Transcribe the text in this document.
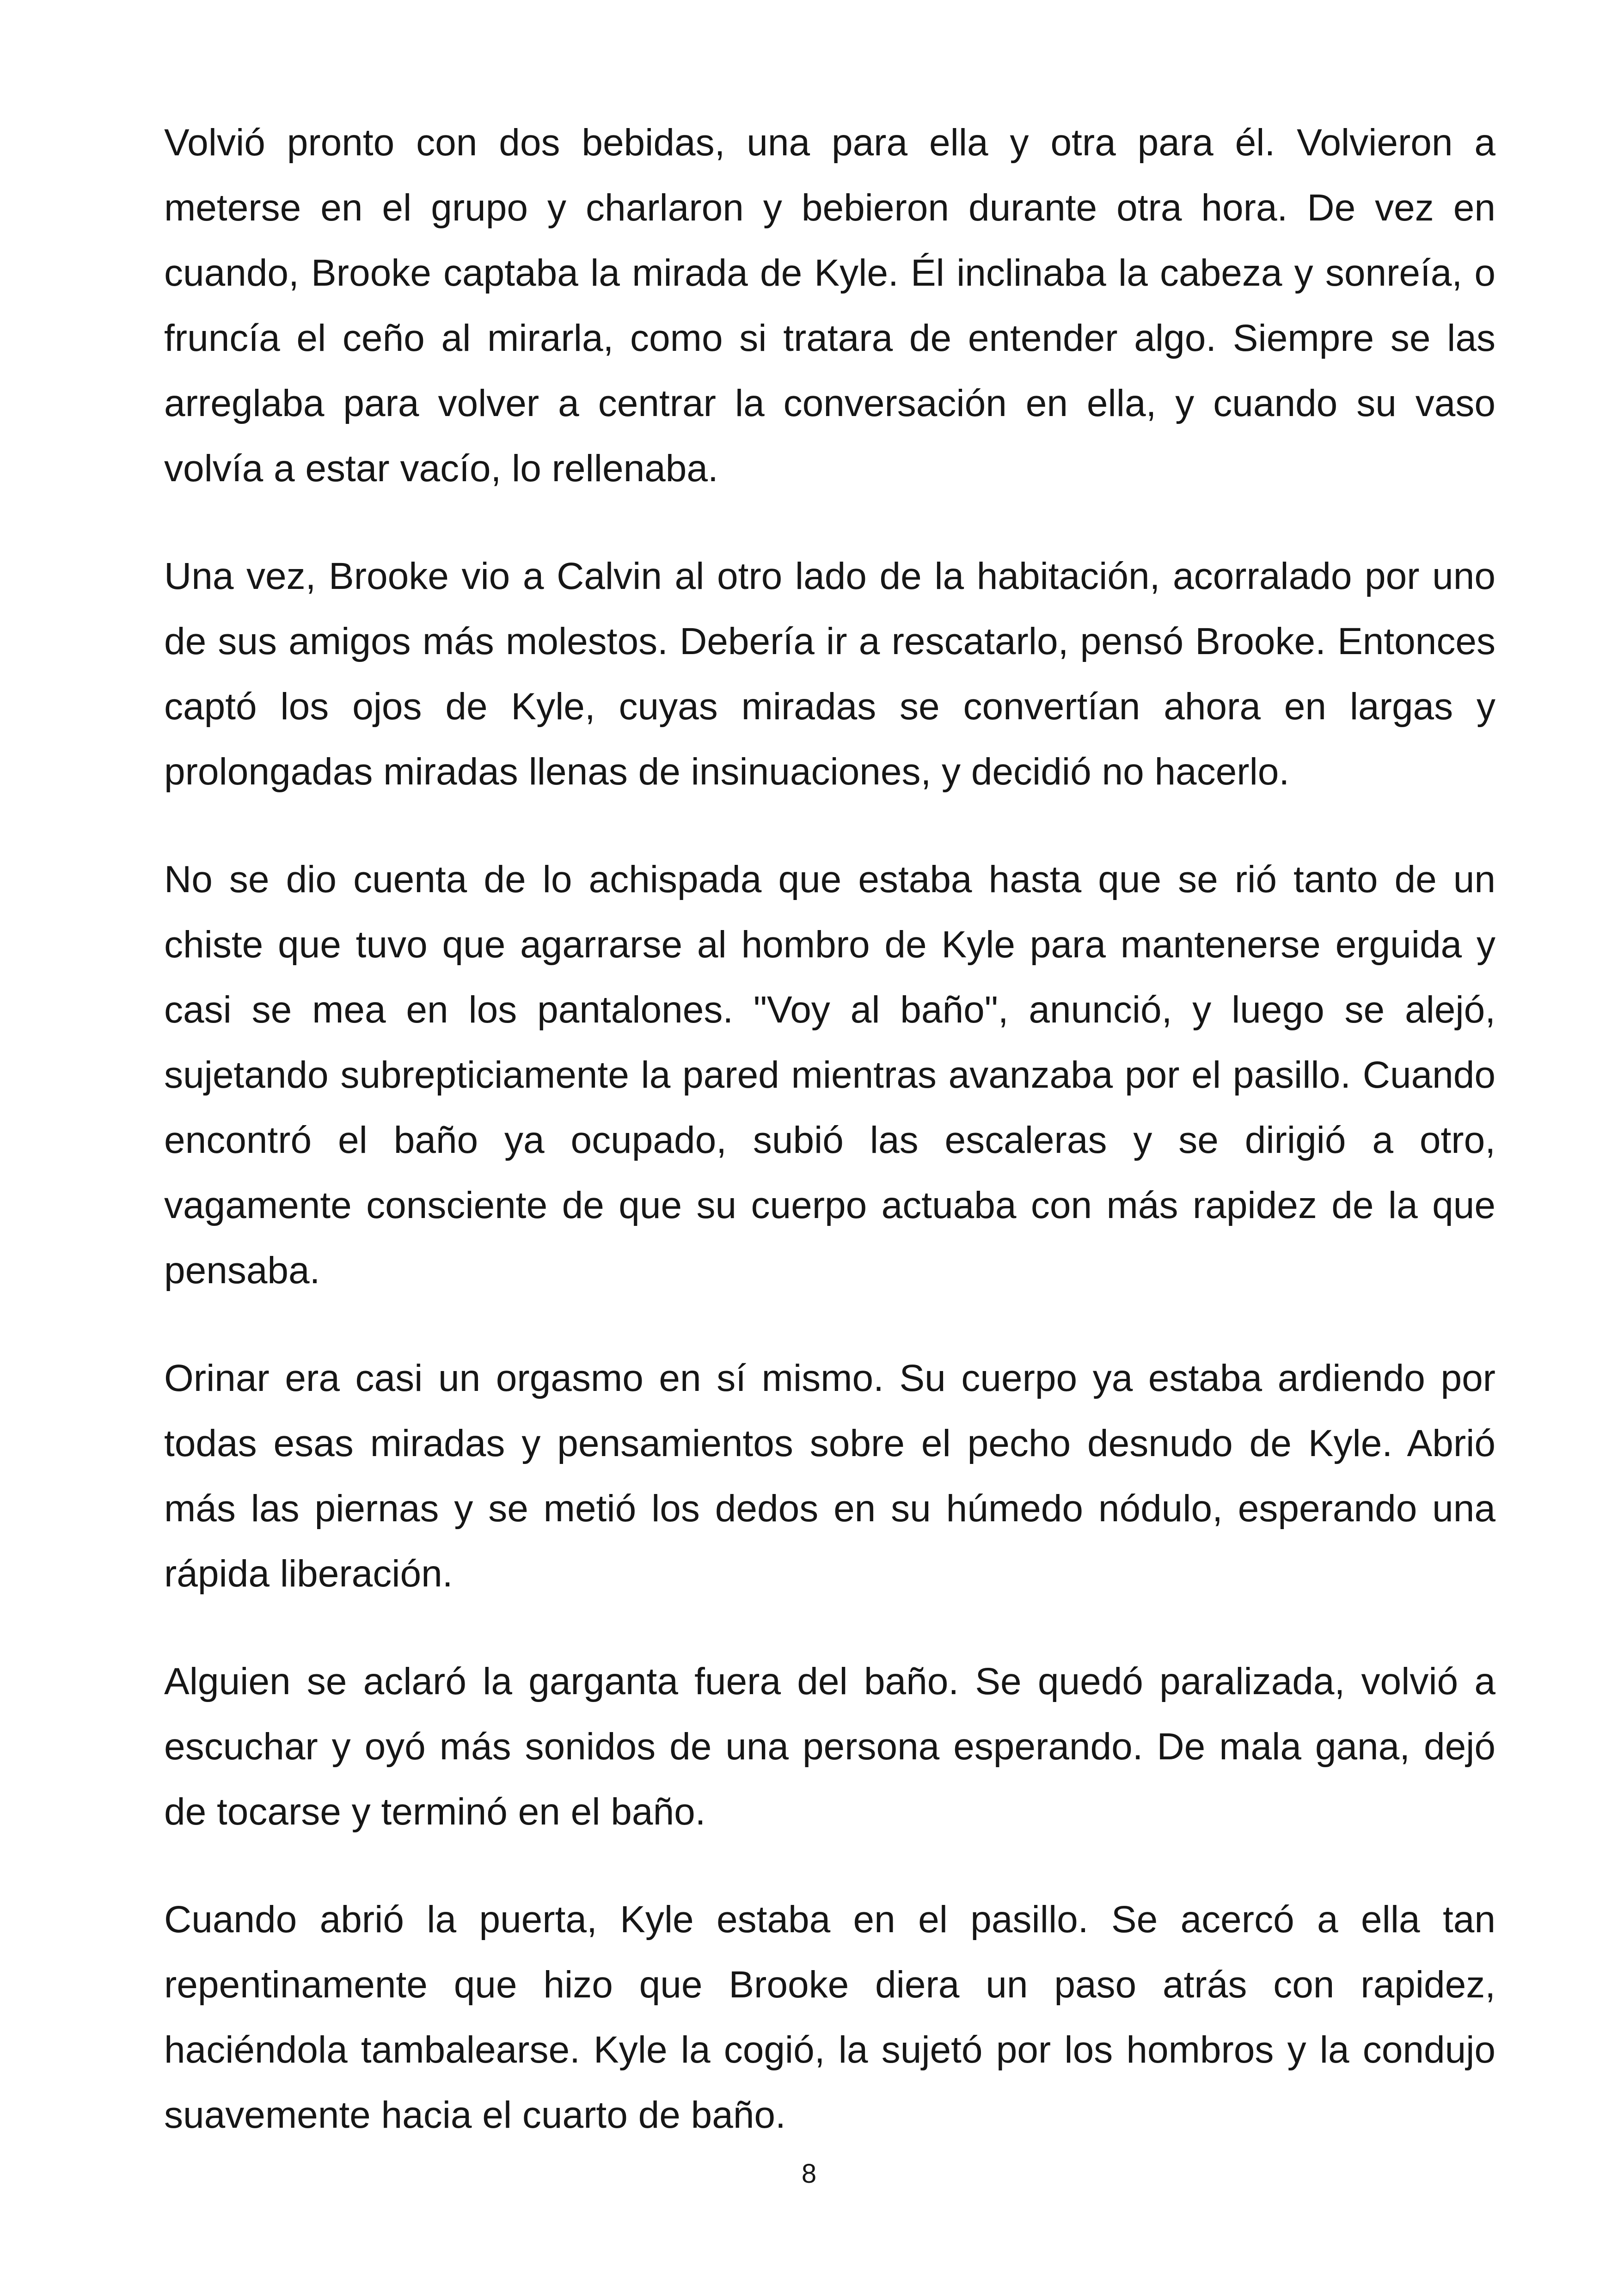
Volvió pronto con dos bebidas, una para ella y otra para él. Volvieron a meterse en el grupo y charlaron y bebieron durante otra hora. De vez en cuando, Brooke captaba la mirada de Kyle. Él inclinaba la cabeza y sonreía, o fruncía el ceño al mirarla, como si tratara de entender algo. Siempre se las arreglaba para volver a centrar la conversación en ella, y cuando su vaso volvía a estar vacío, lo rellenaba.

Una vez, Brooke vio a Calvin al otro lado de la habitación, acorralado por uno de sus amigos más molestos. Debería ir a rescatarlo, pensó Brooke. Entonces captó los ojos de Kyle, cuyas miradas se convertían ahora en largas y prolongadas miradas llenas de insinuaciones, y decidió no hacerlo.

No se dio cuenta de lo achispada que estaba hasta que se rió tanto de un chiste que tuvo que agarrarse al hombro de Kyle para mantenerse erguida y casi se mea en los pantalones. "Voy al baño", anunció, y luego se alejó, sujetando subrepticiamente la pared mientras avanzaba por el pasillo. Cuando encontró el baño ya ocupado, subió las escaleras y se dirigió a otro, vagamente consciente de que su cuerpo actuaba con más rapidez de la que pensaba.

Orinar era casi un orgasmo en sí mismo. Su cuerpo ya estaba ardiendo por todas esas miradas y pensamientos sobre el pecho desnudo de Kyle. Abrió más las piernas y se metió los dedos en su húmedo nódulo, esperando una rápida liberación.

Alguien se aclaró la garganta fuera del baño. Se quedó paralizada, volvió a escuchar y oyó más sonidos de una persona esperando. De mala gana, dejó de tocarse y terminó en el baño.

Cuando abrió la puerta, Kyle estaba en el pasillo. Se acercó a ella tan repentinamente que hizo que Brooke diera un paso atrás con rapidez, haciéndola tambalearse. Kyle la cogió, la sujetó por los hombros y la condujo suavemente hacia el cuarto de baño.

8
